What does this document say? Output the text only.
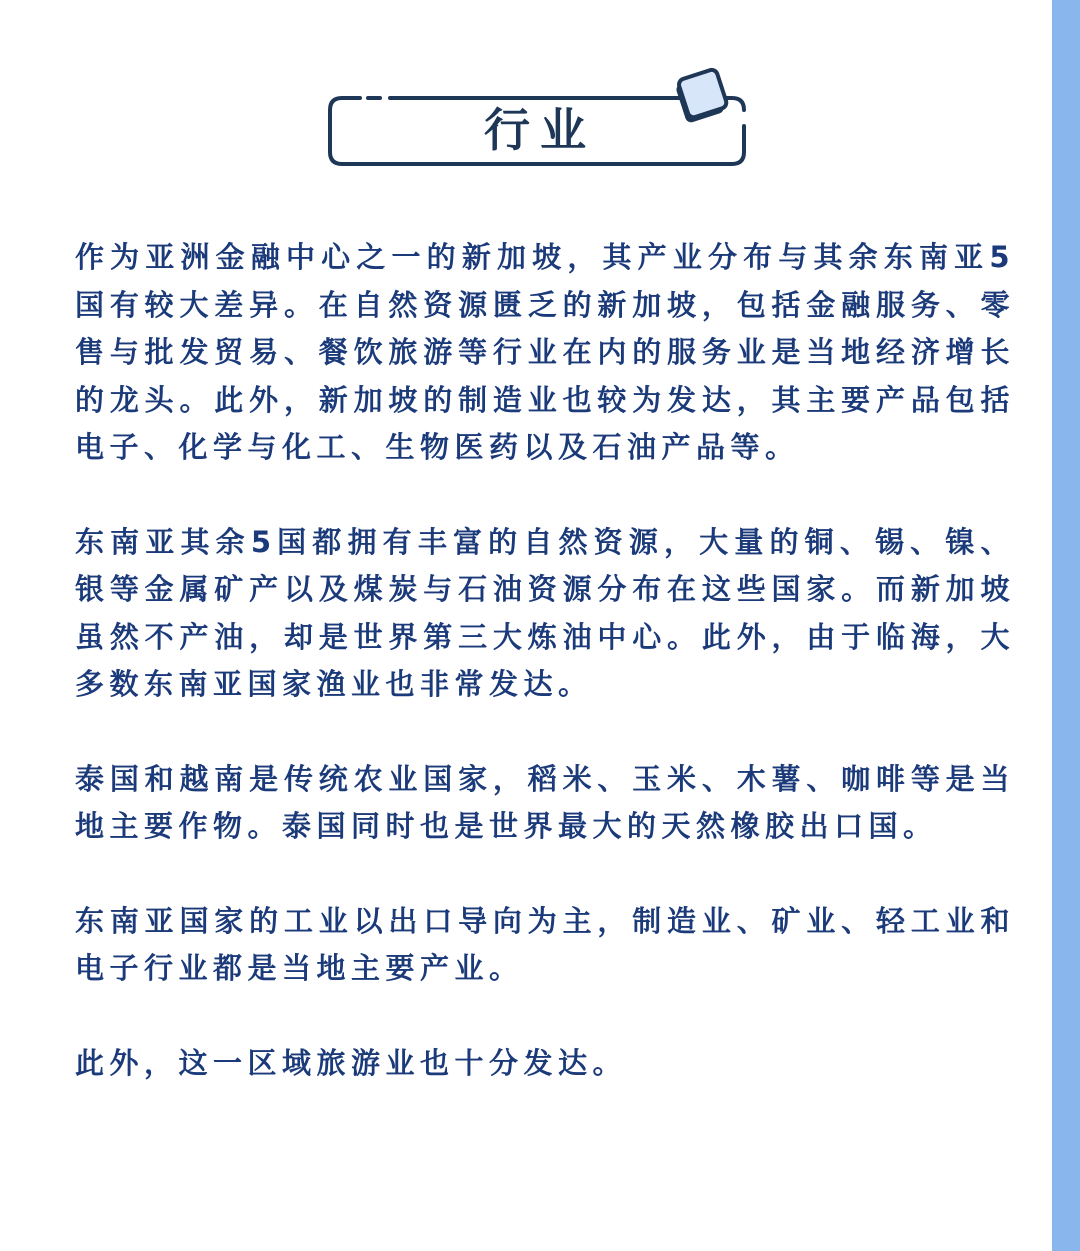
行业

作为亚洲金融中心之一的新加坡，其产业分布与其余东南亚5国有较大差异。在自然资源匮乏的新加坡，包括金融服务、零售与批发贸易、餐饮旅游等行业在内的服务业是当地经济增长的龙头。此外，新加坡的制造业也较为发达，其主要产品包括电子、化学与化工、生物医药以及石油产品等。

东南亚其余5国都拥有丰富的自然资源，大量的铜、锡、镍、银等金属矿产以及煤炭与石油资源分布在这些国家。而新加坡虽然不产油，却是世界第三大炼油中心。此外，由于临海，大多数东南亚国家渔业也非常发达。

泰国和越南是传统农业国家，稻米、玉米、木薯、咖啡等是当地主要作物。泰国同时也是世界最大的天然橡胶出口国。

东南亚国家的工业以出口导向为主，制造业、矿业、轻工业和电子行业都是当地主要产业。

此外，这一区域旅游业也十分发达。
